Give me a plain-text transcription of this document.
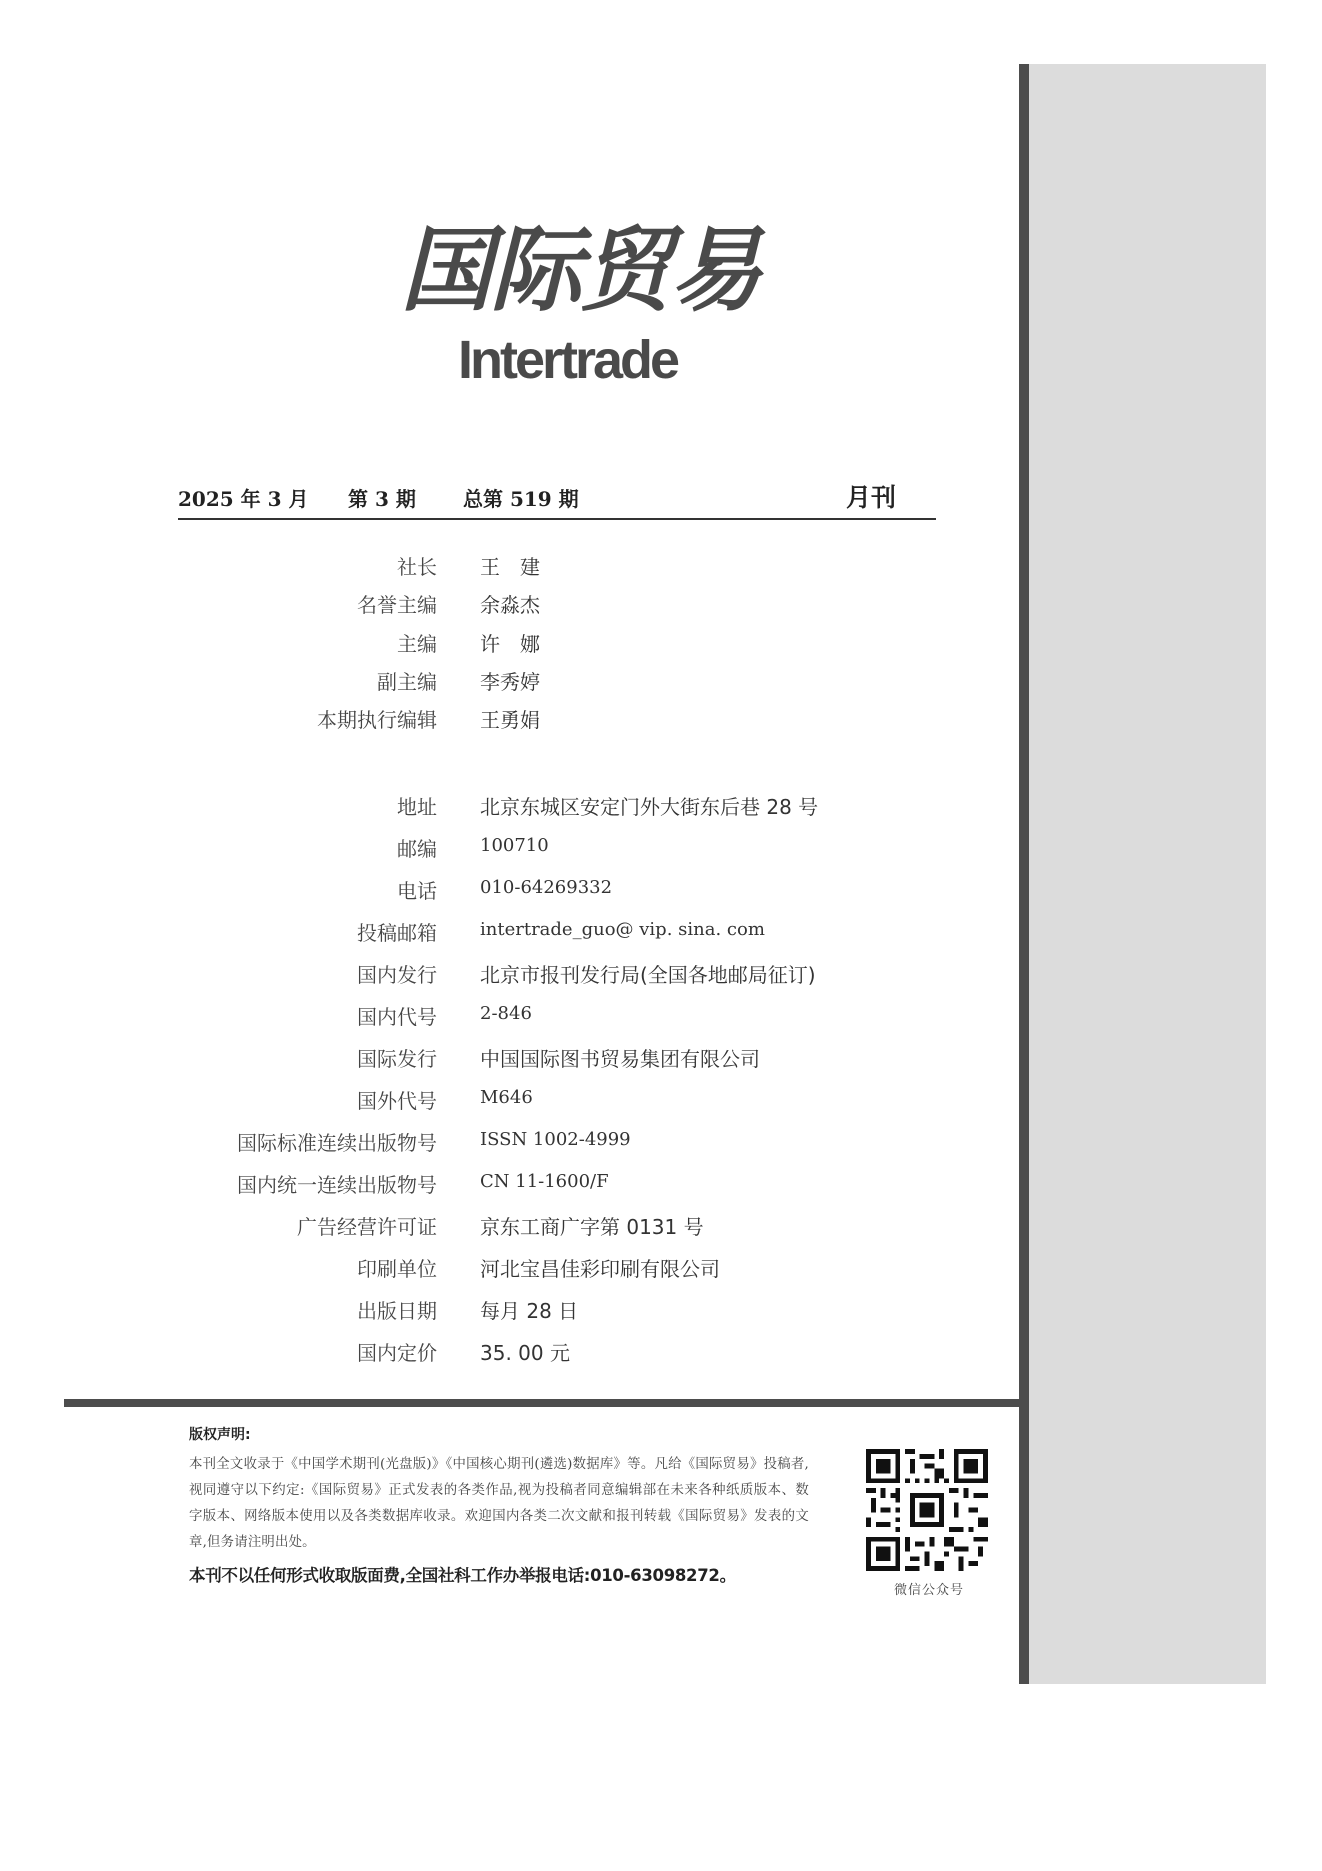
国际贸易
Intertrade
2025 年 3 月 第 3 期 总第 519 期	月刊
社长 王　建
名誉主编 余淼杰
主编 许　娜
副主编 李秀婷
本期执行编辑 王勇娟
地址 北京东城区安定门外大街东后巷 28 号
邮编 100710
电话 010-64269332
投稿邮箱 intertrade_guo@ vip. sina. com
国内发行 北京市报刊发行局(全国各地邮局征订)
国内代号 2-846
国际发行 中国国际图书贸易集团有限公司
国外代号 M646
国际标准连续出版物号 ISSN 1002-4999
国内统一连续出版物号 CN 11-1600/F
广告经营许可证 京东工商广字第 0131 号
印刷单位 河北宝昌佳彩印刷有限公司
出版日期 每月 28 日
国内定价 35. 00 元
版权声明:
本刊全文收录于《中国学术期刊(光盘版)》《中国核心期刊(遴选)数据库》等。凡给《国际贸易》投稿者,视同遵守以下约定:《国际贸易》正式发表的各类作品,视为投稿者同意编辑部在未来各种纸质版本、数字版本、网络版本使用以及各类数据库收录。欢迎国内各类二次文献和报刊转载《国际贸易》发表的文章,但务请注明出处。
本刊不以任何形式收取版面费,全国社科工作办举报电话:010-63098272。
微信公众号
